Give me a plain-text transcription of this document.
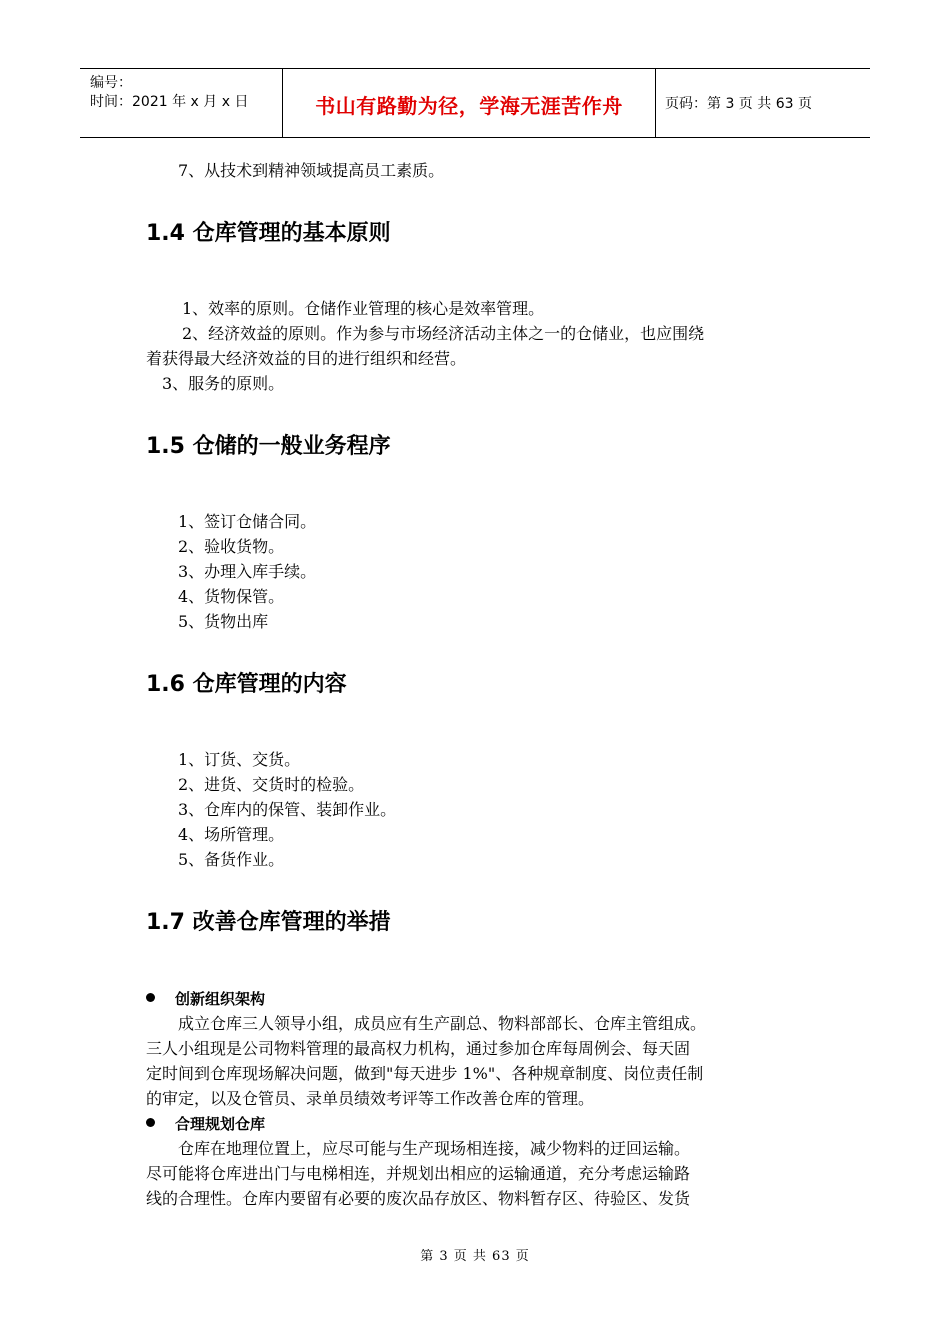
编号：
时间：2021 年 x 月 x 日	书山有路勤为径，学海无涯苦作舟	页码：第 3 页 共 63 页
7、从技术到精神领域提高员工素质。
1.4 仓库管理的基本原则
1、效率的原则。仓储作业管理的核心是效率管理。
2、经济效益的原则。作为参与市场经济活动主体之一的仓储业，也应围绕
着获得最大经济效益的目的进行组织和经营。
3、服务的原则。
1.5 仓储的一般业务程序
1、签订仓储合同。
2、验收货物。
3、办理入库手续。
4、货物保管。
5、货物出库
1.6 仓库管理的内容
1、订货、交货。
2、进货、交货时的检验。
3、仓库内的保管、装卸作业。
4、场所管理。
5、备货作业。
1.7 改善仓库管理的举措
创新组织架构
成立仓库三人领导小组，成员应有生产副总、物料部部长、仓库主管组成。
三人小组现是公司物料管理的最高权力机构，通过参加仓库每周例会、每天固
定时间到仓库现场解决问题，做到"每天进步 1%"、各种规章制度、岗位责任制
的审定，以及仓管员、录单员绩效考评等工作改善仓库的管理。
合理规划仓库
仓库在地理位置上，应尽可能与生产现场相连接，减少物料的迂回运输。
尽可能将仓库进出门与电梯相连，并规划出相应的运输通道，充分考虑运输路
线的合理性。仓库内要留有必要的废次品存放区、物料暂存区、待验区、发货
第 3 页 共 63 页
